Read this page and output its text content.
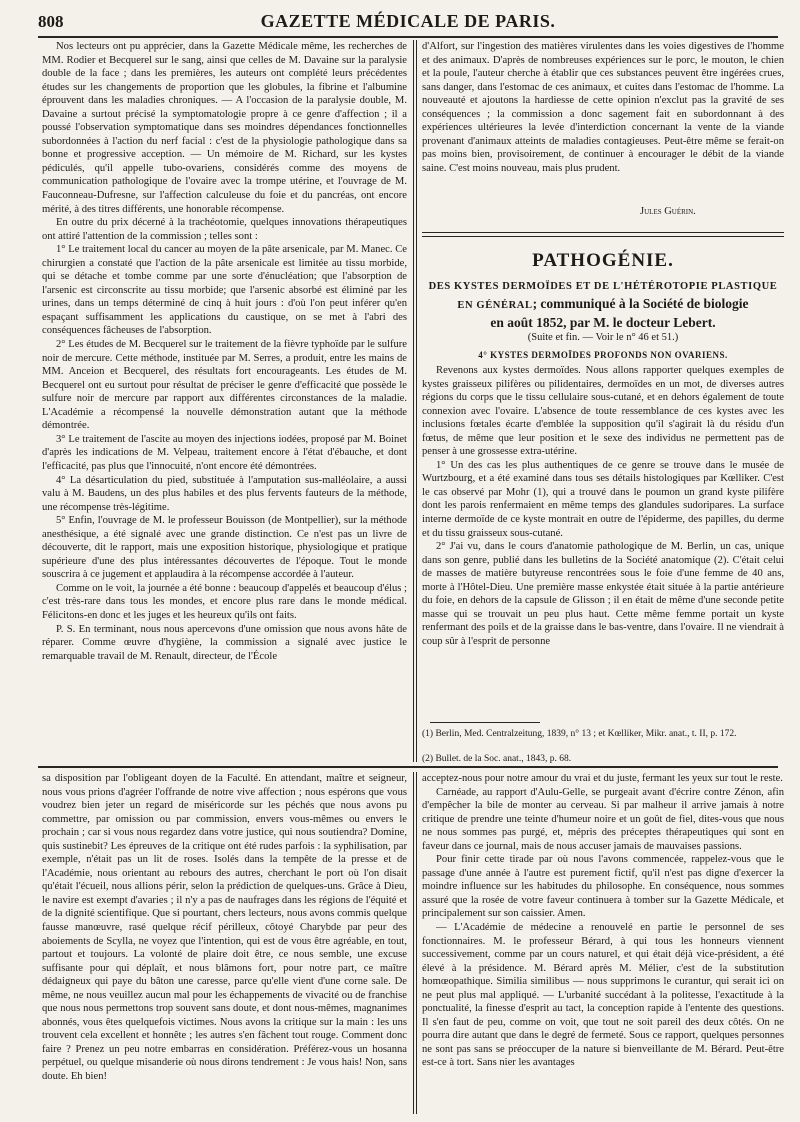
808	GAZETTE MÉDICALE DE PARIS.

Nos lecteurs ont pu apprécier, dans la Gazette Médicale même, les recherches de MM. Rodier et Becquerel sur le sang, ainsi que celles de M. Davaine sur la paralysie double de la face ; dans les premières, les auteurs ont complété leurs précédentes études sur les changements de proportion que les globules, la fibrine et l'albumine éprouvent dans les maladies chroniques. — A l'occasion de la paralysie double, M. Davaine a surtout précisé la symptomatologie propre à ce genre d'affection ; il a poussé l'observation symptomatique dans ses moindres dépendances fonctionnelles subordonnées à l'action du nerf facial : c'est de la physiologie pathologique dans sa bonne et progressive acception. — Un mémoire de M. Richard, sur les kystes pédiculés, qu'il appelle tubo-ovariens, considérés comme des moyens de communication pathologique de l'ovaire avec la trompe utérine, et l'ouvrage de M. Fauconneau-Dufresne, sur l'affection calculeuse du foie et du pancréas, ont encore mérité, à des titres différents, une honorable récompense.

En outre du prix décerné à la trachéotomie, quelques innovations thérapeutiques ont attiré l'attention de la commission ; telles sont :

1° Le traitement local du cancer au moyen de la pâte arsenicale, par M. Manec. Ce chirurgien a constaté que l'action de la pâte arsenicale est limitée au tissu morbide, qui se détache et tombe comme par une sorte d'énucléation; que l'absorption de l'arsenic est circonscrite au tissu morbide; que l'arsenic absorbé est éliminé par les urines, dans un temps déterminé de cinq à huit jours : d'où l'on peut inférer qu'en espaçant suffisamment les applications du caustique, on se met à l'abri des conséquences fâcheuses de l'absorption.

2° Les études de M. Becquerel sur le traitement de la fièvre typhoïde par le sulfure noir de mercure. Cette méthode, instituée par M. Serres, a produit, entre les mains de MM. Anceion et Becquerel, des résultats fort encourageants. Les études de M. Becquerel ont eu surtout pour résultat de préciser le genre d'efficacité que possède le sulfure noir de mercure par rapport aux différentes circonstances de la maladie. L'Académie a récompensé la nouvelle démonstration autant que la méthode démontrée.

3° Le traitement de l'ascite au moyen des injections iodées, proposé par M. Boinet d'après les indications de M. Velpeau, traitement encore à l'état d'ébauche, et dont l'efficacité, pas plus que l'innocuité, n'ont encore été démontrées.

4° La désarticulation du pied, substituée à l'amputation sus-malléolaire, a aussi valu à M. Baudens, un des plus habiles et des plus fervents fauteurs de la méthode, une récompense très-légitime.

5° Enfin, l'ouvrage de M. le professeur Bouisson (de Montpellier), sur la méthode anesthésique, a été signalé avec une grande distinction. Ce n'est pas un livre de découverte, dit le rapport, mais une exposition historique, physiologique et pratique supérieure d'une des plus intéressantes découvertes de l'époque. Tout le monde souscrira à ce jugement et applaudira à la récompense accordée à l'auteur.

Comme on le voit, la journée a été bonne : beaucoup d'appelés et beaucoup d'élus ; c'est très-rare dans tous les mondes, et encore plus rare dans le monde médical. Félicitons-en donc et les juges et les heureux qu'ils ont faits.

P. S. En terminant, nous nous apercevons d'une omission que nous avons hâte de réparer. Comme œuvre d'hygiène, la commission a signalé avec justice le remarquable travail de M. Renault, directeur, de l'École

d'Alfort, sur l'ingestion des matières virulentes dans les voies digestives de l'homme et des animaux. D'après de nombreuses expériences sur le porc, le mouton, le chien et la poule, l'auteur cherche à établir que ces substances peuvent être ingérées crues, sans danger, dans l'estomac de ces animaux, et cuites dans l'estomac de l'homme. La nouveauté et ajoutons la hardiesse de cette opinion n'exclut pas la gravité de ses conséquences ; la commission a donc sagement fait en subordonnant à des expériences ultérieures la levée d'interdiction concernant la vente de la viande provenant d'animaux atteints de maladies contagieuses. Peut-être même se ferait-on pas moins bien, provisoirement, de continuer à encourager le débit de la viande saine. C'est moins nouveau, mais plus prudent.

Jules Guérin.
PATHOGÉNIE.
DES KYSTES DERMOÏDES ET DE L'HÉTÉROTOPIE PLASTIQUE
EN GÉNÉRAL; communiqué à la Société de biologie
en août 1852, par M. le docteur Lebert.
(Suite et fin. — Voir le n° 46 et 51.)
4° KYSTES DERMOÏDES PROFONDS NON OVARIENS.

Revenons aux kystes dermoïdes. Nous allons rapporter quelques exemples de kystes graisseux pilifères ou pilidentaires, dermoïdes en un mot, de diverses autres régions du corps que le tissu cellulaire sous-cutané, et en dehors également de toute connexion avec l'ovaire. L'absence de toute ressemblance de ces kystes avec les inclusions fœtales écarte d'emblée la supposition qu'il s'agirait là du résidu d'un fœtus, de même que leur position et le sexe des individus ne permettent pas de penser à une grossesse extra-utérine.

1° Un des cas les plus authentiques de ce genre se trouve dans le musée de Wurtzbourg, et a été examiné dans tous ses détails histologiques par Kœlliker. C'est le cas observé par Mohr (1), qui a trouvé dans le poumon un grand kyste pilifère dont les parois renfermaient en même temps des glandules sudoripares. La surface interne dermoïde de ce kyste montrait en outre de l'épiderme, des papilles, du derme et du tissu graisseux sous-cutané.

2° J'ai vu, dans le cours d'anatomie pathologique de M. Berlin, un cas, unique dans son genre, publié dans les bulletins de la Société anatomique (2). C'était celui de masses de matière butyreuse rencontrées sous le foie d'une femme de 40 ans, morte à l'Hôtel-Dieu. Une première masse enkystée était située à la partie antérieure du foie, en dehors de la capsule de Glisson ; il en était de même d'une seconde petite masse qui se trouvait un peu plus haut. Cette même femme portait un kyste renfermant des poils et de la graisse dans le bas-ventre, dans l'ovaire. Il ne viendrait à coup sûr à l'esprit de personne

(1) Berlin, Med. Centralzeitung, 1839, n° 13 ; et Kœlliker, Mikr. anat., t. II, p. 172.
(2) Bullet. de la Soc. anat., 1843, p. 68.

sa disposition par l'obligeant doyen de la Faculté. En attendant, maître et seigneur, nous vous prions d'agréer l'offrande de notre vive affection ; nous espérons que vous voudrez bien jeter un regard de miséricorde sur les péchés que nous avons pu commettre, par omission ou par commission, envers vous-mêmes ou envers le prochain ; car si vous nous regardez dans votre justice, qui nous soutiendra? Domine, quis sustinebit? Les épreuves de la critique ont été rudes parfois : la syphilisation, par exemple, n'était pas un lit de roses. Isolés dans la tempête de la presse et de l'Académie, nous orientant au rebours des autres, cherchant le port où l'on disait qu'était l'écueil, nous allions périr, selon la prédiction de quelques-uns. Grâce à Dieu, le navire est exempt d'avaries ; il n'y a pas de naufrages dans les régions de l'équité et de la dignité scientifique. Que si pourtant, chers lecteurs, nous avons commis quelque fausse manœuvre, rasé quelque récif périlleux, côtoyé Charybde par peur des aboiements de Scylla, ne voyez que l'intention, qui est de vous être agréable, en tout, partout et toujours. La volonté de plaire doit être, ce nous semble, une excuse suffisante pour qui déplaît, et nous blâmons fort, pour notre part, ce maître dédaigneux qui paye du bâton une caresse, parce qu'elle vient d'une corne sale. De même, ne nous veuillez aucun mal pour les échappements de vivacité ou de franchise que nous nous permettons trop souvent sans doute, et dont nous-mêmes, magnanimes abonnés, vous êtes quelquefois victimes. Nous avons la critique sur la main : les uns trouvent cela excellent et honnête ; les autres s'en fâchent tout rouge. Comment donc faire ? Prenez un peu notre embarras en considération. Préférez-vous un hosanna perpétuel, ou quelque misanderie où nous dirons tendrement : Je vous hais! Non, sans doute. Eh bien!

acceptez-nous pour notre amour du vrai et du juste, fermant les yeux sur tout le reste.

Carnéade, au rapport d'Aulu-Gelle, se purgeait avant d'écrire contre Zénon, afin d'empêcher la bile de monter au cerveau. Si par malheur il arrive jamais à notre critique de prendre une teinte d'humeur noire et un goût de fiel, dites-vous que nous ne nous sommes pas purgé, et, mépris des préceptes thérapeutiques qui sont en faveur dans ce journal, mais de nous accuser jamais de mauvaises passions.

Pour finir cette tirade par où nous l'avons commencée, rappelez-vous que le passage d'une année à l'autre est purement fictif, qu'il n'est pas digne d'exercer la moindre influence sur les habitudes du philosophe. En conséquence, nous sommes assuré que la rosée de votre faveur continuera à tomber sur la Gazette Médicale, et principalement sur son caissier. Amen.

— L'Académie de médecine a renouvelé en partie le personnel de ses fonctionnaires. M. le professeur Bérard, à qui tous les honneurs viennent successivement, comme par un cours naturel, et qui était déjà vice-président, a été élevé à la présidence. M. Bérard après M. Mélier, c'est de la substitution homœopathique. Similia similibus — nous supprimons le curantur, qui serait ici on ne peut plus mal appliqué. — L'urbanité succédant à la politesse, l'exactitude à la ponctualité, la finesse d'esprit au tact, la conception rapide à l'entente des questions. Il s'en faut de peu, comme on voit, que tout ne soit pareil des deux côtés. On ne pourra dire autant que dans le degré de fermeté. Sous ce rapport, quelques personnes ne sont pas sans se préoccuper de la nature si bienveillante de M. Bérard. Peut-être est-ce à tort. Sans nier les avantages
